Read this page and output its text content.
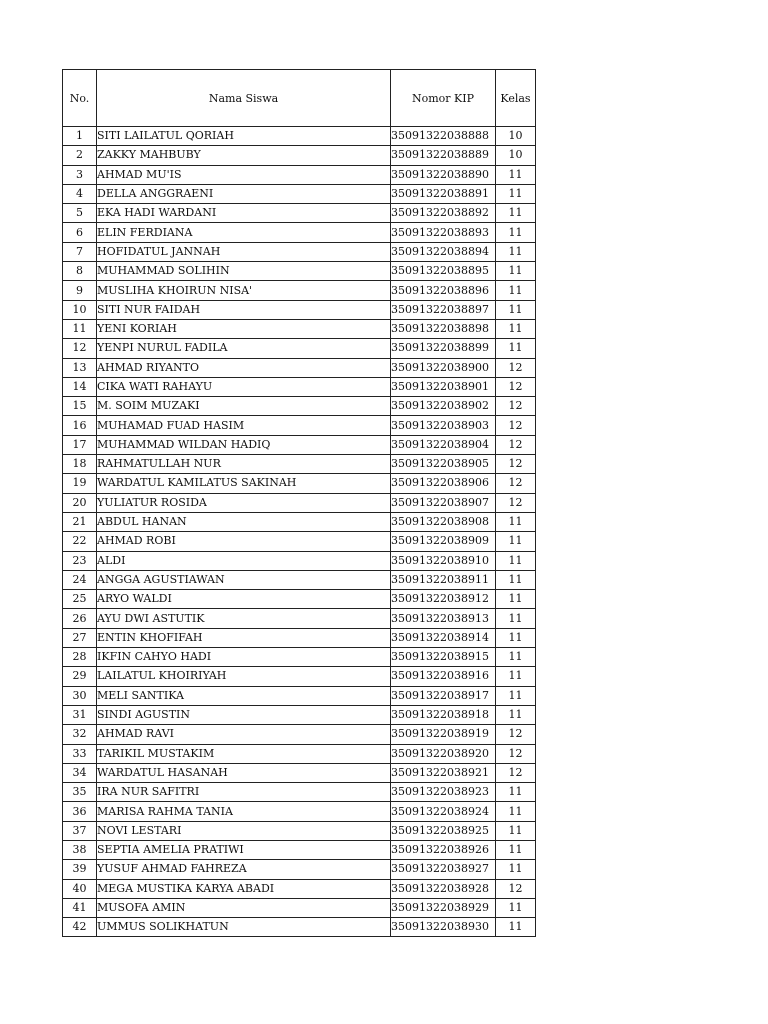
No.	Nama Siswa	Nomor KIP	Kelas
1	SITI LAILATUL QORIAH	35091322038888	10
2	ZAKKY MAHBUBY	35091322038889	10
3	AHMAD MU'IS	35091322038890	11
4	DELLA ANGGRAENI	35091322038891	11
5	EKA HADI WARDANI	35091322038892	11
6	ELIN FERDIANA	35091322038893	11
7	HOFIDATUL JANNAH	35091322038894	11
8	MUHAMMAD SOLIHIN	35091322038895	11
9	MUSLIHA KHOIRUN NISA'	35091322038896	11
10	SITI NUR FAIDAH	35091322038897	11
11	YENI KORIAH	35091322038898	11
12	YENPI NURUL FADILA	35091322038899	11
13	AHMAD RIYANTO	35091322038900	12
14	CIKA WATI RAHAYU	35091322038901	12
15	M. SOIM MUZAKI	35091322038902	12
16	MUHAMAD FUAD HASIM	35091322038903	12
17	MUHAMMAD WILDAN HADIQ	35091322038904	12
18	RAHMATULLAH NUR	35091322038905	12
19	WARDATUL KAMILATUS SAKINAH	35091322038906	12
20	YULIATUR ROSIDA	35091322038907	12
21	ABDUL HANAN	35091322038908	11
22	AHMAD ROBI	35091322038909	11
23	ALDI	35091322038910	11
24	ANGGA AGUSTIAWAN	35091322038911	11
25	ARYO WALDI	35091322038912	11
26	AYU DWI ASTUTIK	35091322038913	11
27	ENTIN KHOFIFAH	35091322038914	11
28	IKFIN CAHYO HADI	35091322038915	11
29	LAILATUL KHOIRIYAH	35091322038916	11
30	MELI SANTIKA	35091322038917	11
31	SINDI AGUSTIN	35091322038918	11
32	AHMAD RAVI	35091322038919	12
33	TARIKIL MUSTAKIM	35091322038920	12
34	WARDATUL HASANAH	35091322038921	12
35	IRA NUR SAFITRI	35091322038923	11
36	MARISA RAHMA TANIA	35091322038924	11
37	NOVI LESTARI	35091322038925	11
38	SEPTIA AMELIA PRATIWI	35091322038926	11
39	YUSUF AHMAD FAHREZA	35091322038927	11
40	MEGA MUSTIKA KARYA ABADI	35091322038928	12
41	MUSOFA AMIN	35091322038929	11
42	UMMUS SOLIKHATUN	35091322038930	11
